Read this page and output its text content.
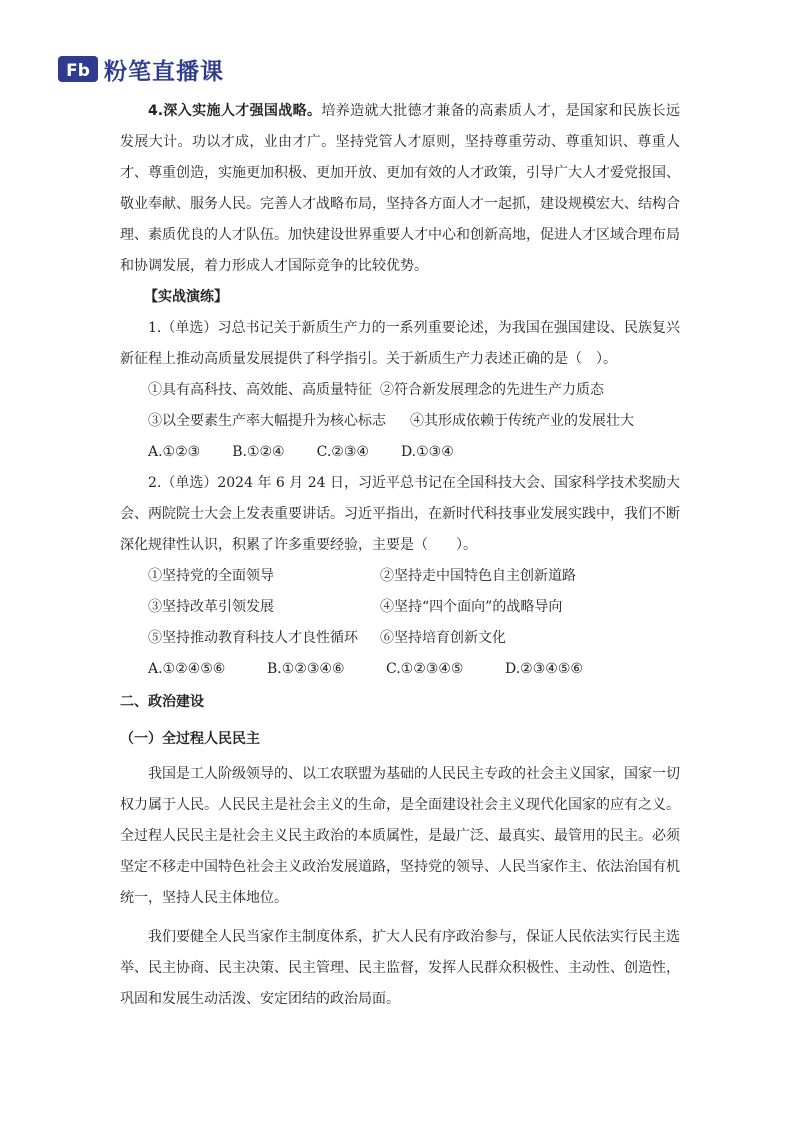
Fb 粉笔直播课

4.深入实施人才强国战略。培养造就大批德才兼备的高素质人才，是国家和民族长远发展大计。功以才成，业由才广。坚持党管人才原则，坚持尊重劳动、尊重知识、尊重人才、尊重创造，实施更加积极、更加开放、更加有效的人才政策，引导广大人才爱党报国、敬业奉献、服务人民。完善人才战略布局，坚持各方面人才一起抓，建设规模宏大、结构合理、素质优良的人才队伍。加快建设世界重要人才中心和创新高地，促进人才区域合理布局和协调发展，着力形成人才国际竞争的比较优势。

【实战演练】

1.（单选）习总书记关于新质生产力的一系列重要论述，为我国在强国建设、民族复兴新征程上推动高质量发展提供了科学指引。关于新质生产力表述正确的是（　）。

①具有高科技、高效能、高质量特征 ②符合新发展理念的先进生产力质态
③以全要素生产率大幅提升为核心标志	④其形成依赖于传统产业的发展壮大
A.①②③ B.①②④ C.②③④ D.①③④

2.（单选）2024 年 6 月 24 日，习近平总书记在全国科技大会、国家科学技术奖励大会、两院院士大会上发表重要讲话。习近平指出，在新时代科技事业发展实践中，我们不断深化规律性认识，积累了许多重要经验，主要是（　　）。

①坚持党的全面领导	②坚持走中国特色自主创新道路
③坚持改革引领发展	④坚持“四个面向”的战略导向
⑤坚持推动教育科技人才良性循环	⑥坚持培育创新文化
A.①②④⑤⑥	B.①②③④⑥	C.①②③④⑤	D.②③④⑤⑥

二、政治建设

（一）全过程人民民主

我国是工人阶级领导的、以工农联盟为基础的人民民主专政的社会主义国家，国家一切权力属于人民。人民民主是社会主义的生命，是全面建设社会主义现代化国家的应有之义。全过程人民民主是社会主义民主政治的本质属性，是最广泛、最真实、最管用的民主。必须坚定不移走中国特色社会主义政治发展道路，坚持党的领导、人民当家作主、依法治国有机统一，坚持人民主体地位。

我们要健全人民当家作主制度体系，扩大人民有序政治参与，保证人民依法实行民主选举、民主协商、民主决策、民主管理、民主监督，发挥人民群众积极性、主动性、创造性，巩固和发展生动活泼、安定团结的政治局面。
